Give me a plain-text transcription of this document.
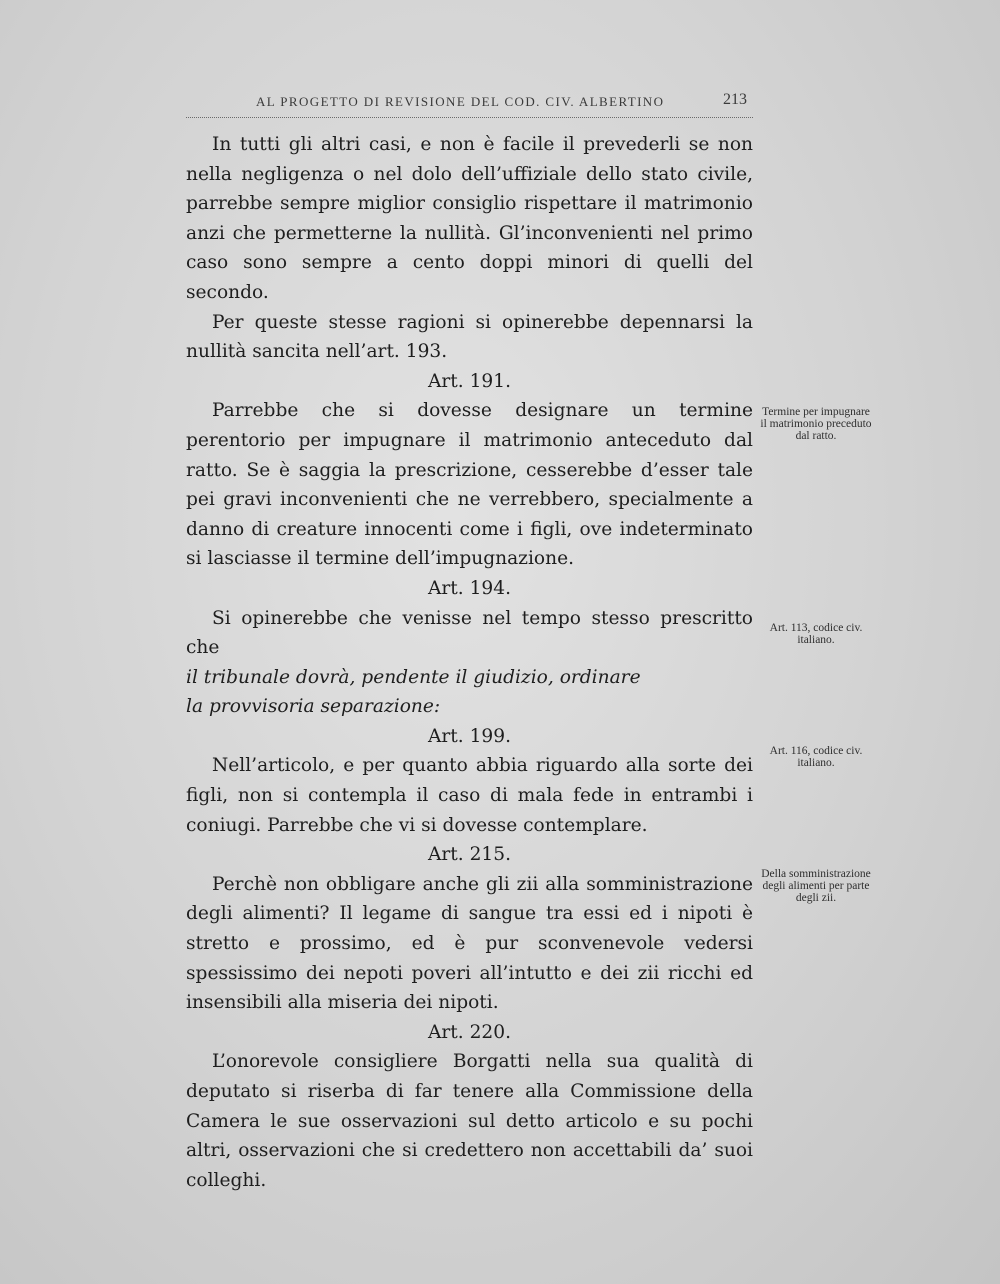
AL PROGETTO DI REVISIONE DEL COD. CIV. ALBERTINO	213

In tutti gli altri casi, e non è facile il prevederli se non nella negligenza o nel dolo dell’uffiziale dello stato civile, parrebbe sempre miglior consiglio rispettare il matrimonio anzi che permetterne la nullità. Gl’inconvenienti nel primo caso sono sempre a cento doppi minori di quelli del secondo.

Per queste stesse ragioni si opinerebbe depennarsi la nullità sancita nell’art. 193.

Art. 191.

Parrebbe che si dovesse designare un termine perentorio per impugnare il matrimonio anteceduto dal ratto. Se è saggia la prescrizione, cesserebbe d’esser tale pei gravi inconvenienti che ne verrebbero, specialmente a danno di creature innocenti come i figli, ove indeterminato si lasciasse il termine dell’impugnazione.

Art. 194.

Si opinerebbe che venisse nel tempo stesso prescritto che

il tribunale dovrà, pendente il giudizio, ordinare

la provvisoria separazione:

Art. 199.

Nell’articolo, e per quanto abbia riguardo alla sorte dei figli, non si contempla il caso di mala fede in entrambi i coniugi. Parrebbe che vi si dovesse contemplare.

Art. 215.

Perchè non obbligare anche gli zii alla somministrazione degli alimenti? Il legame di sangue tra essi ed i nipoti è stretto e prossimo, ed è pur sconvenevole vedersi spessissimo dei nepoti poveri all’intutto e dei zii ricchi ed insensibili alla miseria dei nipoti.

Art. 220.

L’onorevole consigliere Borgatti nella sua qualità di deputato si riserba di far tenere alla Commissione della Camera le sue osservazioni sul detto articolo e su pochi altri, osservazioni che si credettero non accettabili da’ suoi colleghi.

Termine per impugnare il matrimonio preceduto dal ratto.
Art. 113, codice civ. italiano.
Art. 116, codice civ. italiano.
Della somministrazione degli alimenti per parte degli zii.
